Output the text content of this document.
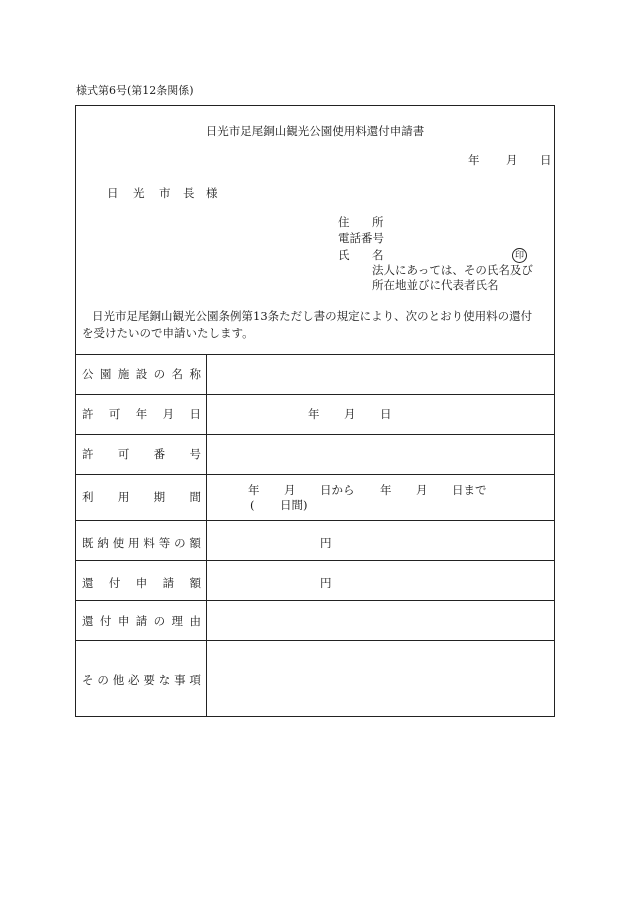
様式第6号(第12条関係)
日光市足尾銅山観光公園使用料還付申請書
年 月 日
日 光 市 長 様
住 所
電話番号
氏 名	印
法人にあっては、その氏名及び
所在地並びに代表者氏名
日光市足尾銅山観光公園条例第13条ただし書の規定により、次のとおり使用料の還付
を受けたいので申請いたします。
公 園 施 設 の 名 称
許 可 年 月 日	年 月 日
許 可 番 号
利 用 期 間	年 月 日から 年 月 日まで
( 日間)
既 納 使 用 料 等 の 額	円
還 付 申 請 額	円
還 付 申 請 の 理 由
そ の 他 必 要 な 事 項
